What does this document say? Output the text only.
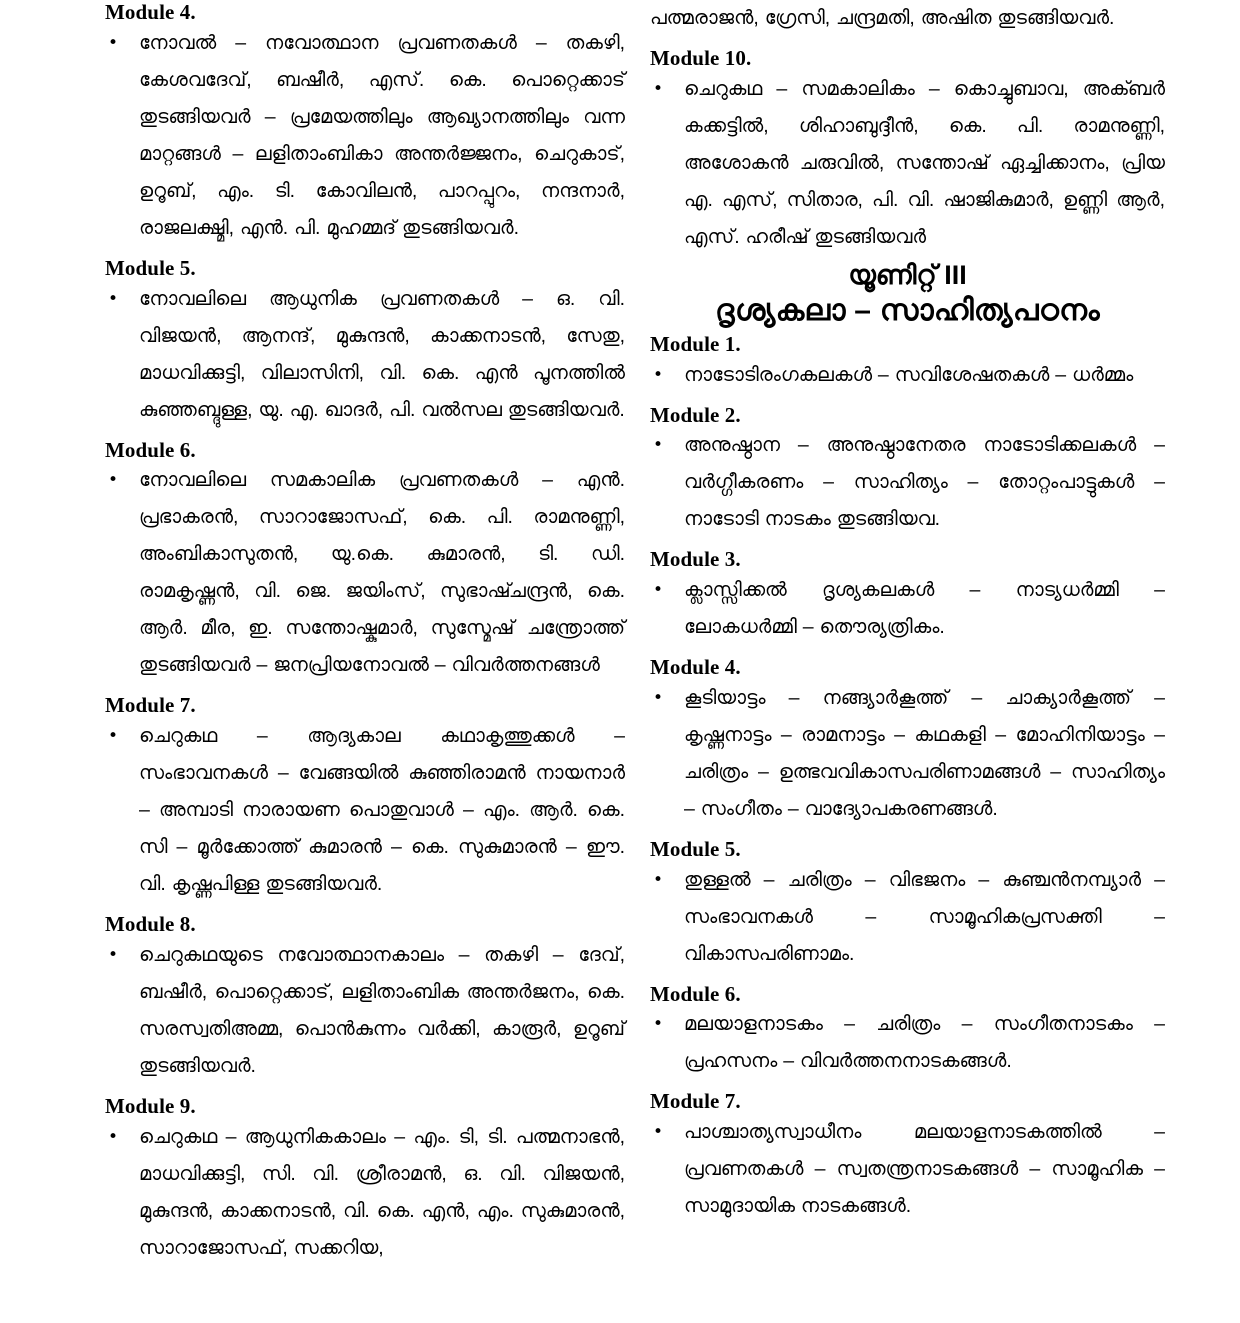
Module 4.
•	നോവൽ – നവോത്ഥാന പ്രവണതകൾ – തകഴി, കേശവദേവ്, ബഷീർ, എസ്. കെ. പൊറ്റെക്കാട് തുടങ്ങിയവർ – പ്രമേയത്തിലും ആഖ്യാനത്തിലും വന്ന മാറ്റങ്ങൾ – ലളിതാംബികാ അന്തർജ്ജനം, ചെറുകാട്, ഉറൂബ്, എം. ടി. കോവിലൻ, പാറപ്പുറം, നന്ദനാർ, രാജലക്ഷ്മി, എൻ. പി. മുഹമ്മദ് തുടങ്ങിയവർ.
Module 5.
•	നോവലിലെ ആധുനിക പ്രവണതകൾ – ഒ. വി. വിജയൻ, ആനന്ദ്, മുകുന്ദൻ, കാക്കനാടൻ, സേതു, മാധവിക്കുട്ടി, വിലാസിനി, വി. കെ. എൻ പൂനത്തിൽ കുഞ്ഞബ്ദുള്ള, യു. എ. ഖാദർ, പി. വൽസല തുടങ്ങിയവർ.
Module 6.
•	നോവലിലെ സമകാലിക പ്രവണതകൾ – എൻ. പ്രഭാകരൻ, സാറാജോസഫ്, കെ. പി. രാമനുണ്ണി, അംബികാസുതൻ, യു.കെ. കുമാരൻ, ടി. ഡി. രാമകൃഷ്ണൻ, വി. ജെ. ജയിംസ്, സുഭാഷ്ചന്ദ്രൻ, കെ. ആർ. മീര, ഇ. സന്തോഷ്കുമാർ, സുസ്മേഷ് ചന്ത്രോത്ത് തുടങ്ങിയവർ – ജനപ്രിയനോവൽ – വിവർത്തനങ്ങൾ
Module 7.
•	ചെറുകഥ – ആദ്യകാല കഥാകൃത്തുക്കൾ – സംഭാവനകൾ – വേങ്ങയിൽ കുഞ്ഞിരാമൻ നായനാർ – അമ്പാടി നാരായണ പൊതുവാൾ – എം. ആർ. കെ. സി – മൂർക്കോത്ത് കുമാരൻ – കെ. സുകുമാരൻ – ഈ. വി. കൃഷ്ണപിള്ള തുടങ്ങിയവർ.
Module 8.
•	ചെറുകഥയുടെ നവോത്ഥാനകാലം – തകഴി – ദേവ്, ബഷീർ, പൊറ്റെക്കാട്, ലളിതാംബിക അന്തർജനം, കെ. സരസ്വതിഅമ്മ, പൊൻകുന്നം വർക്കി, കാരൂർ, ഉറൂബ് തുടങ്ങിയവർ.
Module 9.
•	ചെറുകഥ – ആധുനികകാലം – എം. ടി, ടി. പത്മനാഭൻ, മാധവിക്കുട്ടി, സി. വി. ശ്രീരാമൻ, ഒ. വി. വിജയൻ, മുകുന്ദൻ, കാക്കനാടൻ, വി. കെ. എൻ, എം. സുകുമാരൻ, സാറാജോസഫ്, സക്കറിയ,
പത്മരാജൻ, ഗ്രേസി, ചന്ദ്രമതി, അഷിത തുടങ്ങിയവർ.
Module 10.
•	ചെറുകഥ – സമകാലികം – കൊച്ചുബാവ, അക്ബർ കക്കട്ടിൽ, ശിഹാബുദ്ദീൻ, കെ. പി. രാമനുണ്ണി, അശോകൻ ചരുവിൽ, സന്തോഷ് ഏച്ചിക്കാനം, പ്രിയ എ. എസ്, സിതാര, പി. വി. ഷാജികുമാർ, ഉണ്ണി ആർ, എസ്. ഹരീഷ് തുടങ്ങിയവർ
യൂണിറ്റ് III
ദൃശ്യകലാ – സാഹിത്യപഠനം
Module 1.
•	നാടോടിരംഗകലകൾ – സവിശേഷതകൾ – ധർമ്മം
Module 2.
•	അനുഷ്ഠാന – അനുഷ്ഠാനേതര നാടോടിക്കലകൾ – വർഗ്ഗീകരണം – സാഹിത്യം – തോറ്റംപാട്ടുകൾ – നാടോടി നാടകം തുടങ്ങിയവ.
Module 3.
•	ക്ലാസ്സിക്കൽ ദൃശ്യകലകൾ – നാട്യധർമ്മി – ലോകധർമ്മി – തൌര്യത്രികം.
Module 4.
•	കൂടിയാട്ടം – നങ്ങ്യാർകൂത്ത് – ചാക്യാർകൂത്ത് – കൃഷ്ണനാട്ടം – രാമനാട്ടം – കഥകളി – മോഹിനിയാട്ടം – ചരിത്രം – ഉത്ഭവവികാസപരിണാമങ്ങൾ – സാഹിത്യം – സംഗീതം – വാദ്യോപകരണങ്ങൾ.
Module 5.
•	തുള്ളൽ – ചരിത്രം – വിഭജനം – കുഞ്ചൻനമ്പ്യാർ – സംഭാവനകൾ – സാമൂഹികപ്രസക്തി – വികാസപരിണാമം.
Module 6.
•	മലയാളനാടകം – ചരിത്രം – സംഗീതനാടകം – പ്രഹസനം – വിവർത്തനനാടകങ്ങൾ.
Module 7.
•	പാശ്ചാത്യസ്വാധീനം മലയാളനാടകത്തിൽ – പ്രവണതകൾ – സ്വതന്ത്രനാടകങ്ങൾ – സാമൂഹിക – സാമുദായിക നാടകങ്ങൾ.
